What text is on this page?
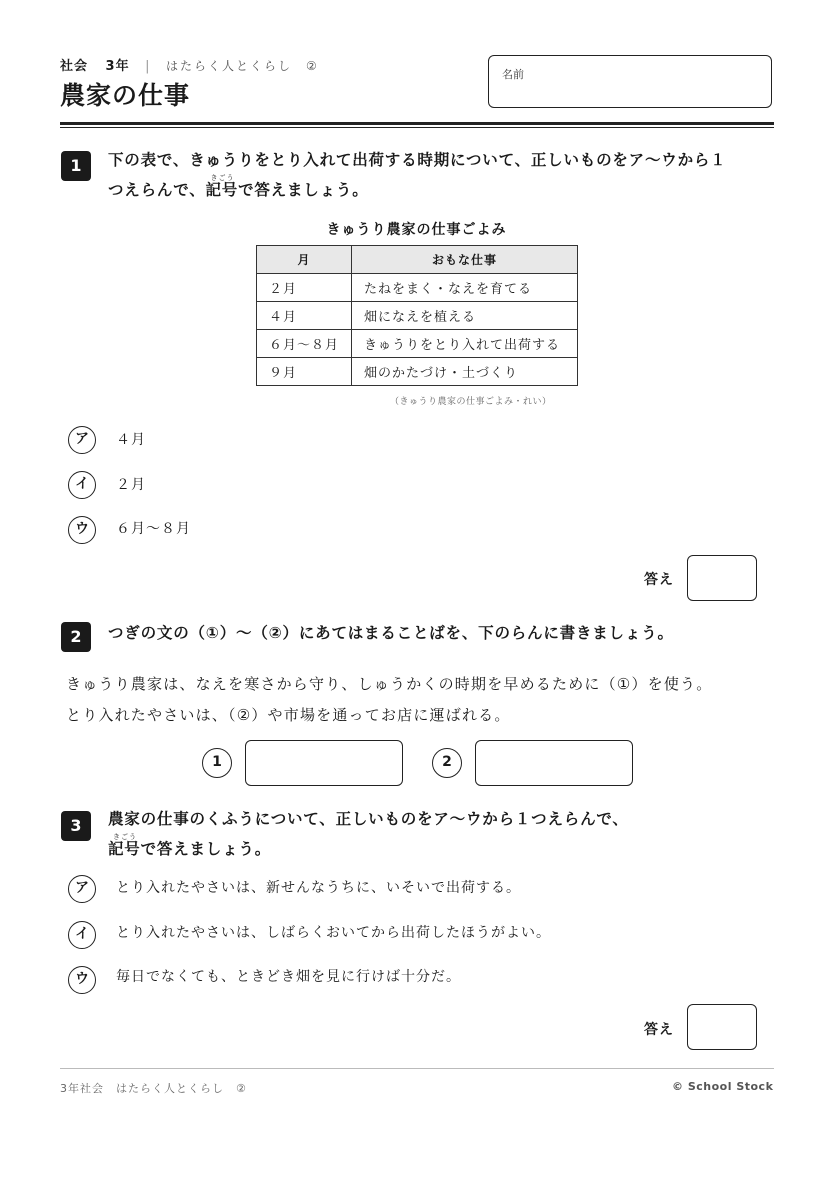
社会 3年 | はたらく人とくらし　②
農家の仕事
名前
1	下の表で、きゅうりをとり入れて出荷する時期について、正しいものをア～ウから１
つえらんで、
きごう
記号で答えましょう。
きゅうり農家の仕事ごよみ
月	おもな仕事
２月	たねをまく・なえを育てる
４月	畑になえを植える
６月～８月	きゅうりをとり入れて出荷する
９月	畑のかたづけ・土づくり
（きゅうり農家の仕事ごよみ・れい）
ア	４月
イ	２月
ウ	６月～８月
答え
2	つぎの文の（①）～（②）にあてはまることばを、下のらんに書きましょう。
きゅうり農家は、なえを寒さから守り、しゅうかくの時期を早めるために（①）を使う。
とり入れたやさいは、（②）や市場を通ってお店に運ばれる。
1	2
3	農家の仕事のくふうについて、正しいものをア～ウから１つえらんで、
きごう
記号で答えましょう。
ア	とり入れたやさいは、新せんなうちに、いそいで出荷する。
イ	とり入れたやさいは、しばらくおいてから出荷したほうがよい。
ウ	毎日でなくても、ときどき畑を見に行けば十分だ。
答え
3年社会　はたらく人とくらし　②	© School Stock
